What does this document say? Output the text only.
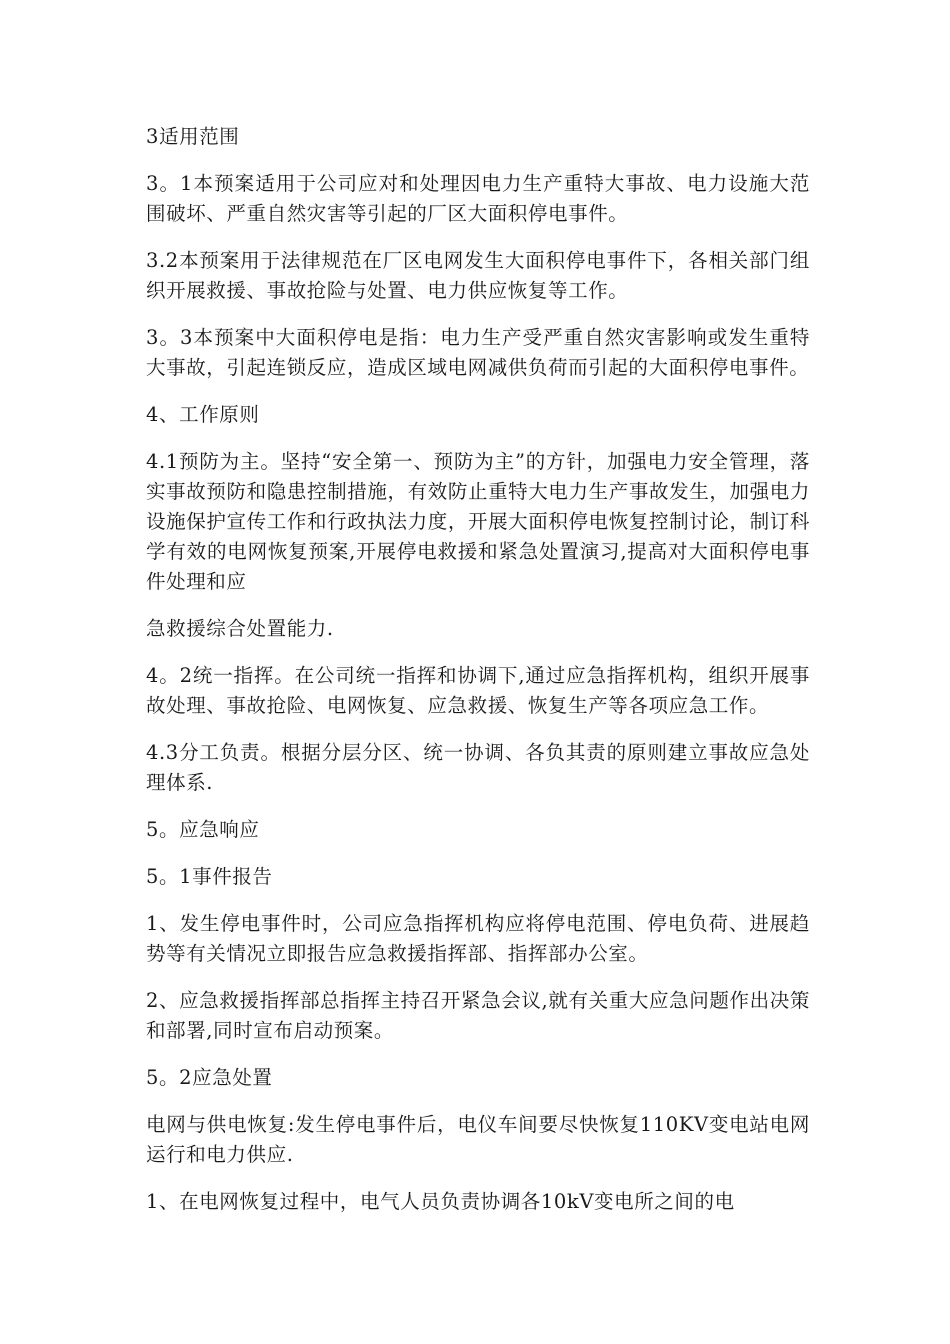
3适用范围

3。1本预案适用于公司应对和处理因电力生产重特大事故、电力设施大范围破坏、严重自然灾害等引起的厂区大面积停电事件。

3.2本预案用于法律规范在厂区电网发生大面积停电事件下，各相关部门组织开展救援、事故抢险与处置、电力供应恢复等工作。

3。3本预案中大面积停电是指：电力生产受严重自然灾害影响或发生重特大事故，引起连锁反应，造成区域电网减供负荷而引起的大面积停电事件。

4、工作原则

4.1预防为主。坚持“安全第一、预防为主”的方针，加强电力安全管理，落实事故预防和隐患控制措施，有效防止重特大电力生产事故发生，加强电力设施保护宣传工作和行政执法力度，开展大面积停电恢复控制讨论，制订科学有效的电网恢复预案,开展停电救援和紧急处置演习,提高对大面积停电事件处理和应

急救援综合处置能力.

4。2统一指挥。在公司统一指挥和协调下,通过应急指挥机构，组织开展事故处理、事故抢险、电网恢复、应急救援、恢复生产等各项应急工作。

4.3分工负责。根据分层分区、统一协调、各负其责的原则建立事故应急处理体系.

5。应急响应

5。1事件报告

1、发生停电事件时，公司应急指挥机构应将停电范围、停电负荷、进展趋势等有关情况立即报告应急救援指挥部、指挥部办公室。

2、应急救援指挥部总指挥主持召开紧急会议,就有关重大应急问题作出决策和部署,同时宣布启动预案。

5。2应急处置

电网与供电恢复:发生停电事件后，电仪车间要尽快恢复110KV变电站电网运行和电力供应.

1、在电网恢复过程中，电气人员负责协调各10kV变电所之间的电
